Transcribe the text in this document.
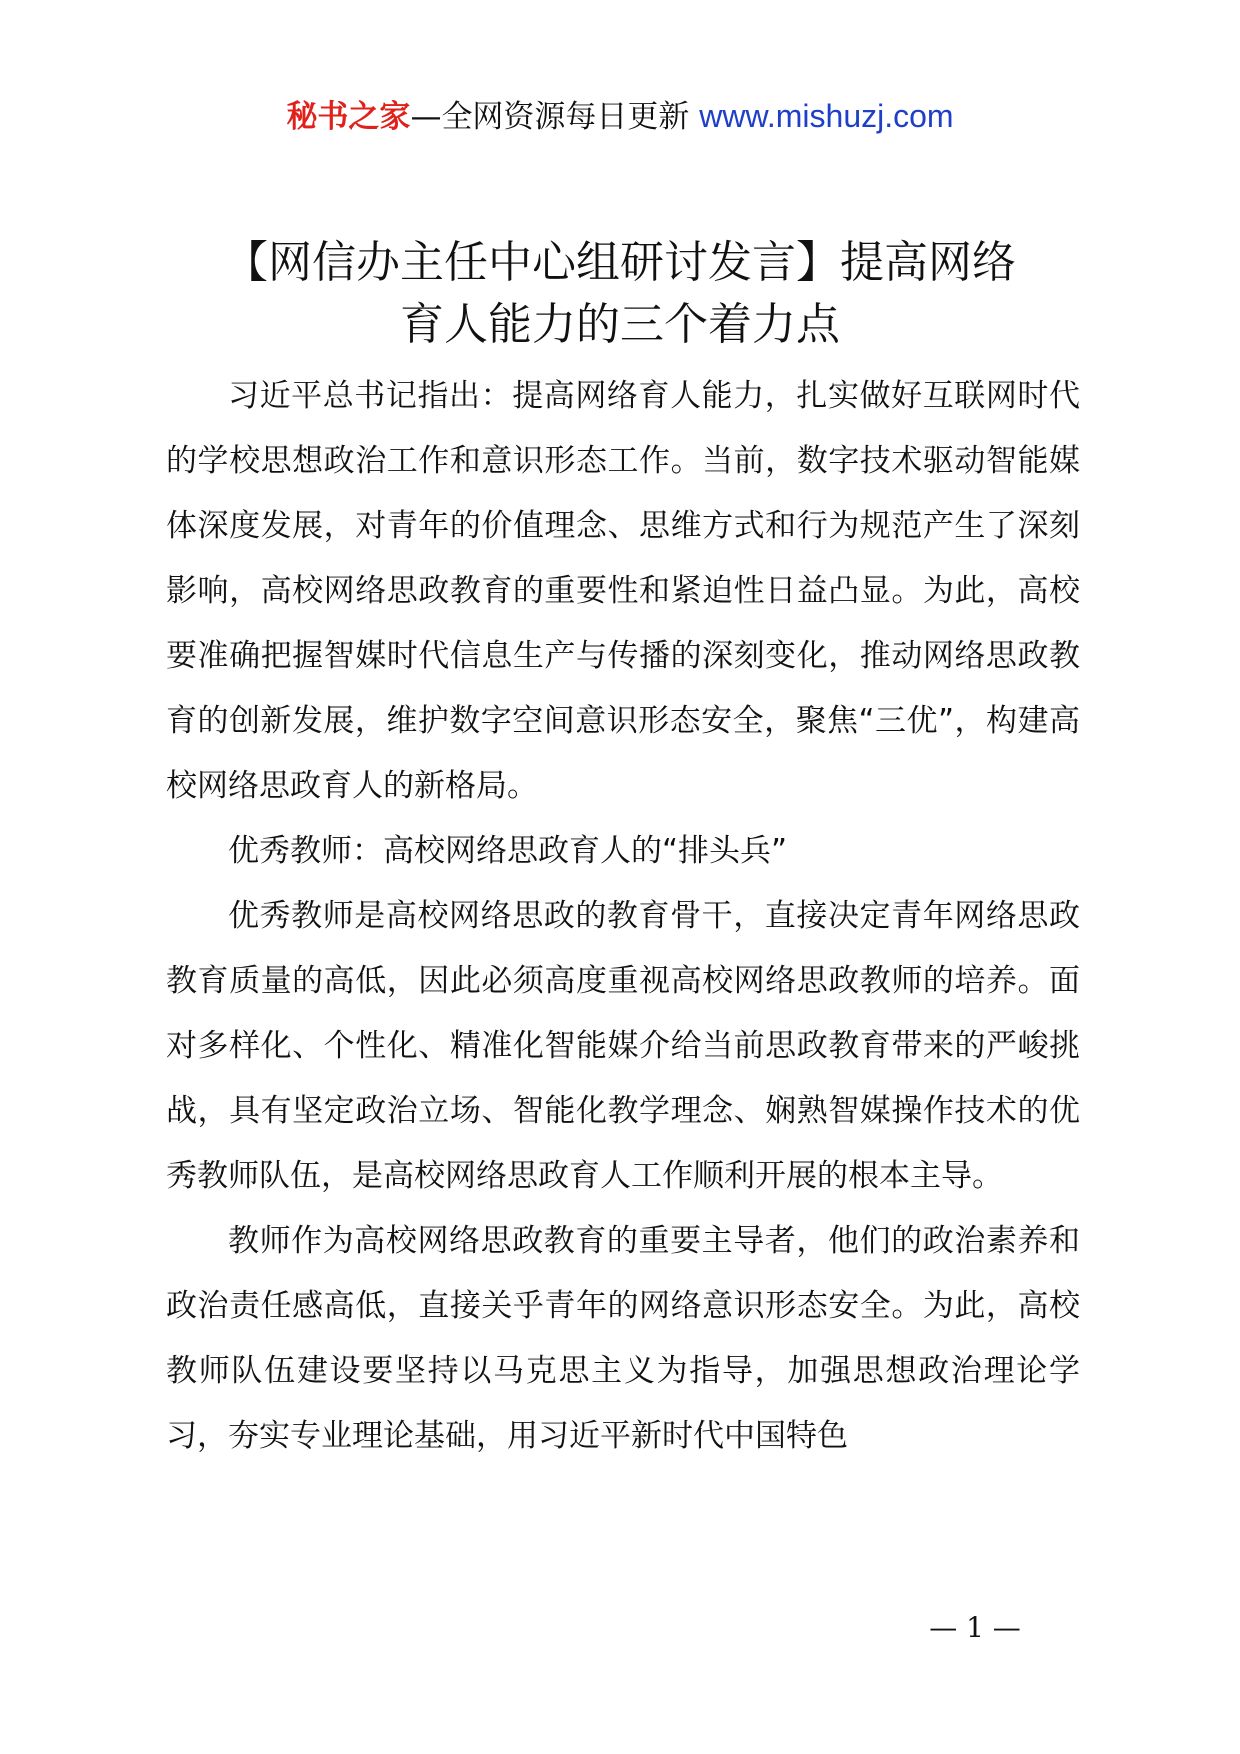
秘书之家—全网资源每日更新 www.mishuzj.com
【网信办主任中心组研讨发言】提高网络
育人能力的三个着力点

习近平总书记指出：提高网络育人能力，扎实做好互联网时代的学校思想政治工作和意识形态工作。当前，数字技术驱动智能媒体深度发展，对青年的价值理念、思维方式和行为规范产生了深刻影响，高校网络思政教育的重要性和紧迫性日益凸显。为此，高校要准确把握智媒时代信息生产与传播的深刻变化，推动网络思政教育的创新发展，维护数字空间意识形态安全，聚焦“三优”，构建高校网络思政育人的新格局。

优秀教师：高校网络思政育人的“排头兵”

优秀教师是高校网络思政的教育骨干，直接决定青年网络思政教育质量的高低，因此必须高度重视高校网络思政教师的培养。面对多样化、个性化、精准化智能媒介给当前思政教育带来的严峻挑战，具有坚定政治立场、智能化教学理念、娴熟智媒操作技术的优秀教师队伍，是高校网络思政育人工作顺利开展的根本主导。

教师作为高校网络思政教育的重要主导者，他们的政治素养和政治责任感高低，直接关乎青年的网络意识形态安全。为此，高校教师队伍建设要坚持以马克思主义为指导，加强思想政治理论学习，夯实专业理论基础，用习近平新时代中国特色

— 1 —
